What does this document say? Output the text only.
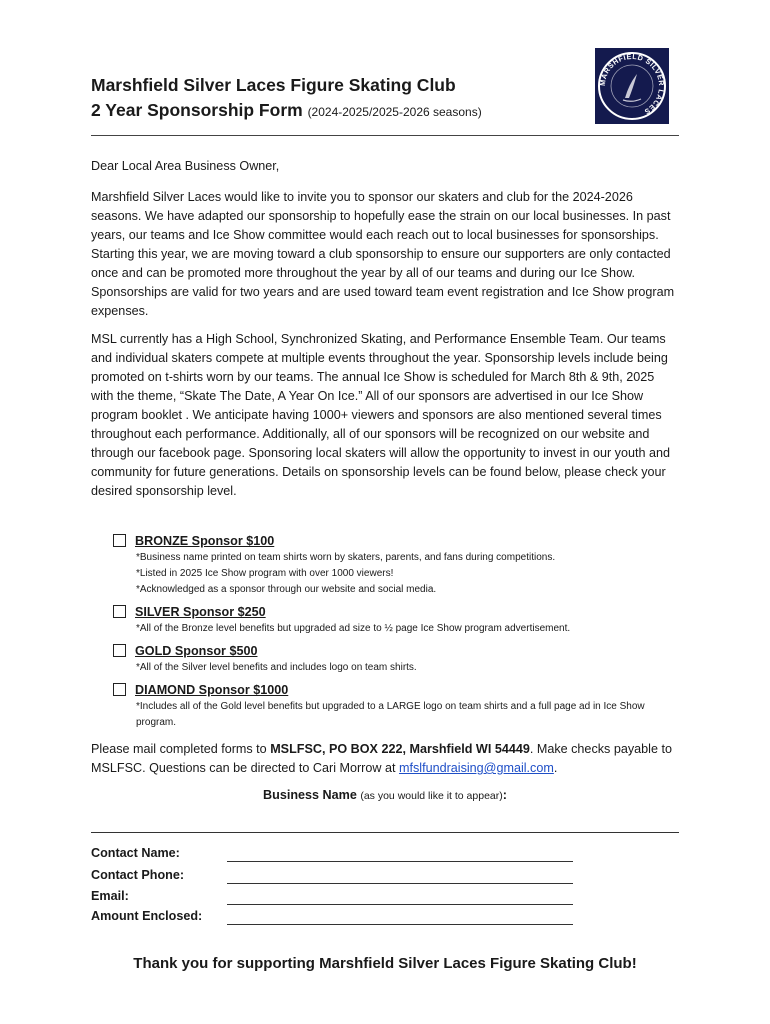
Marshfield Silver Laces Figure Skating Club
2 Year Sponsorship Form (2024-2025/2025-2026 seasons)
MARSHFIELD SILVER LACES

Dear Local Area Business Owner,

Marshfield Silver Laces would like to invite you to sponsor our skaters and club for the 2024-2026 seasons. We have adapted our sponsorship to hopefully ease the strain on our local businesses. In past years, our teams and Ice Show committee would each reach out to local businesses for sponsorships. Starting this year, we are moving toward a club sponsorship to ensure our supporters are only contacted once and can be promoted more throughout the year by all of our teams and during our Ice Show. Sponsorships are valid for two years and are used toward team event registration and Ice Show program expenses.

MSL currently has a High School, Synchronized Skating, and Performance Ensemble Team. Our teams and individual skaters compete at multiple events throughout the year. Sponsorship levels include being promoted on t-shirts worn by our teams. The annual Ice Show is scheduled for March 8th & 9th, 2025 with the theme, “Skate The Date, A Year On Ice.” All of our sponsors are advertised in our Ice Show program booklet . We anticipate having 1000+ viewers and sponsors are also mentioned several times throughout each performance. Additionally, all of our sponsors will be recognized on our website and through our facebook page. Sponsoring local skaters will allow the opportunity to invest in our youth and community for future generations. Details on sponsorship levels can be found below, please check your desired sponsorship level.

BRONZE Sponsor $100
*Business name printed on team shirts worn by skaters, parents, and fans during competitions.
*Listed in 2025 Ice Show program with over 1000 viewers!
*Acknowledged as a sponsor through our website and social media.
SILVER Sponsor $250
*All of the Bronze level benefits but upgraded ad size to ½ page Ice Show program advertisement.
GOLD Sponsor $500
*All of the Silver level benefits and includes logo on team shirts.
DIAMOND Sponsor $1000
*Includes all of the Gold level benefits but upgraded to a LARGE logo on team shirts and a full page ad in Ice Show program.

Please mail completed forms to MSLFSC, PO BOX 222, Marshfield WI 54449. Make checks payable to MSLFSC. Questions can be directed to Cari Morrow at mfslfundraising@gmail.com.

Business Name (as you would like it to appear):
Contact Name:
Contact Phone:
Email:
Amount Enclosed:
Thank you for supporting Marshfield Silver Laces Figure Skating Club!
